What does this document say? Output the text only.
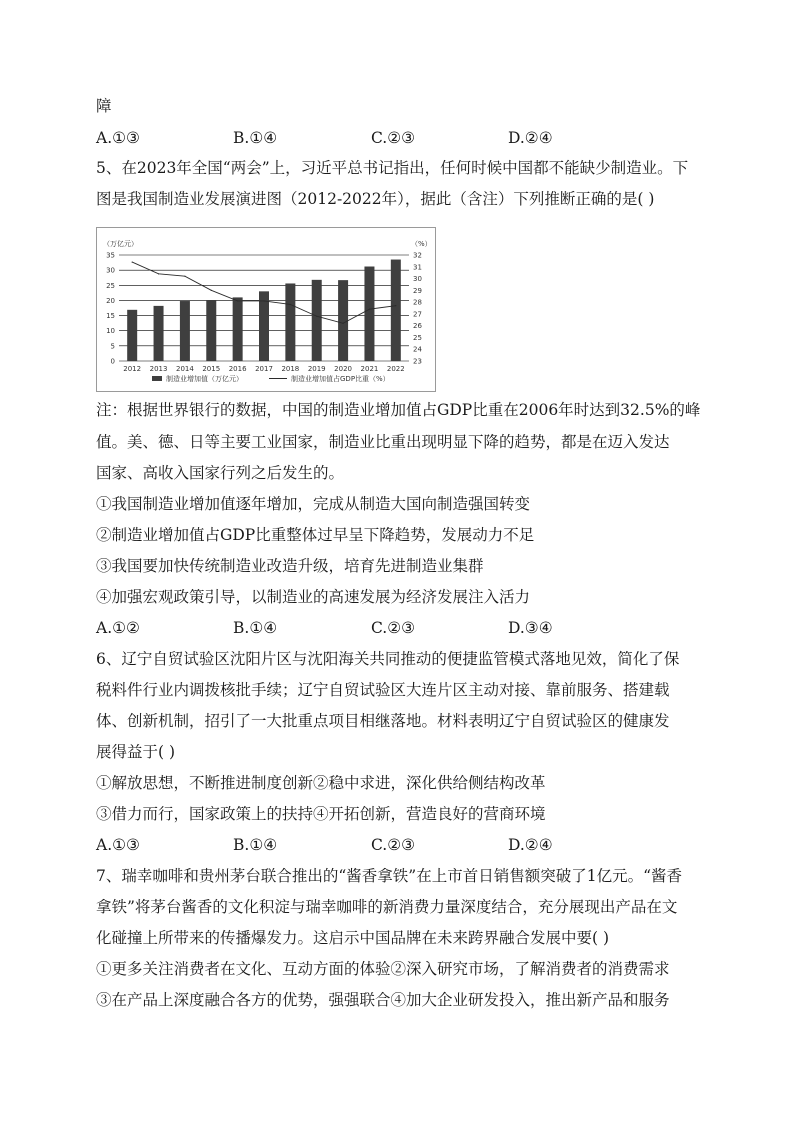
障
A.①③	B.①④	C.②③	D.②④
5、在2023年全国“两会”上，习近平总书记指出，任何时候中国都不能缺少制造业。下
图是我国制造业发展演进图（2012-2022年），据此（含注）下列推断正确的是( )
（万亿元）	（%）
0
5
10
15
20
25
30
35
23
24
25
26
27
28
29
30
31
32
2012 2013 2014 2015 2016 2017 2018 2019 2020 2021 2022
制造业增加值（万亿元）	制造业增加值占GDP比重（%）
注：根据世界银行的数据，中国的制造业增加值占GDP比重在2006年时达到32.5%的峰
值。美、德、日等主要工业国家，制造业比重出现明显下降的趋势，都是在迈入发达
国家、高收入国家行列之后发生的。
①我国制造业增加值逐年增加，完成从制造大国向制造强国转变
②制造业增加值占GDP比重整体过早呈下降趋势，发展动力不足
③我国要加快传统制造业改造升级，培育先进制造业集群
④加强宏观政策引导，以制造业的高速发展为经济发展注入活力
A.①②	B.①④	C.②③	D.③④
6、辽宁自贸试验区沈阳片区与沈阳海关共同推动的便捷监管模式落地见效，简化了保
税料件行业内调拨核批手续；辽宁自贸试验区大连片区主动对接、靠前服务、搭建载
体、创新机制，招引了一大批重点项目相继落地。材料表明辽宁自贸试验区的健康发
展得益于( )
①解放思想，不断推进制度创新②稳中求进，深化供给侧结构改革
③借力而行，国家政策上的扶持④开拓创新，营造良好的营商环境
A.①③	B.①④	C.②③	D.②④
7、瑞幸咖啡和贵州茅台联合推出的“酱香拿铁”在上市首日销售额突破了1亿元。“酱香
拿铁”将茅台酱香的文化积淀与瑞幸咖啡的新消费力量深度结合，充分展现出产品在文
化碰撞上所带来的传播爆发力。这启示中国品牌在未来跨界融合发展中要( )
①更多关注消费者在文化、互动方面的体验②深入研究市场，了解消费者的消费需求
③在产品上深度融合各方的优势，强强联合④加大企业研发投入，推出新产品和服务
